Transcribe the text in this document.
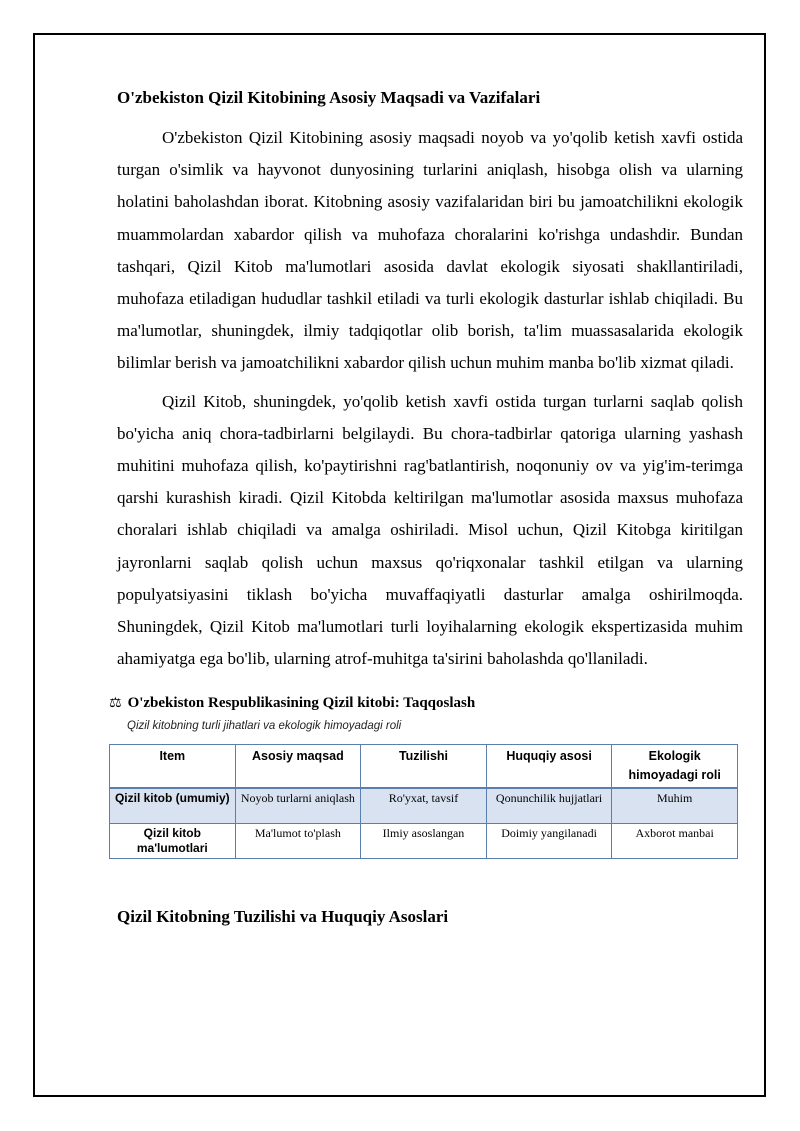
O'zbekiston Qizil Kitobining Asosiy Maqsadi va Vazifalari

O'zbekiston Qizil Kitobining asosiy maqsadi noyob va yo'qolib ketish xavfi ostida turgan o'simlik va hayvonot dunyosining turlarini aniqlash, hisobga olish va ularning holatini baholashdan iborat. Kitobning asosiy vazifalaridan biri bu jamoatchilikni ekologik muammolardan xabardor qilish va muhofaza choralarini ko'rishga undashdir. Bundan tashqari, Qizil Kitob ma'lumotlari asosida davlat ekologik siyosati shakllantiriladi, muhofaza etiladigan hududlar tashkil etiladi va turli ekologik dasturlar ishlab chiqiladi. Bu ma'lumotlar, shuningdek, ilmiy tadqiqotlar olib borish, ta'lim muassasalarida ekologik bilimlar berish va jamoatchilikni xabardor qilish uchun muhim manba bo'lib xizmat qiladi.

Qizil Kitob, shuningdek, yo'qolib ketish xavfi ostida turgan turlarni saqlab qolish bo'yicha aniq chora-tadbirlarni belgilaydi. Bu chora-tadbirlar qatoriga ularning yashash muhitini muhofaza qilish, ko'paytirishni rag'batlantirish, noqonuniy ov va yig'im-terimga qarshi kurashish kiradi. Qizil Kitobda keltirilgan ma'lumotlar asosida maxsus muhofaza choralari ishlab chiqiladi va amalga oshiriladi. Misol uchun, Qizil Kitobga kiritilgan jayronlarni saqlab qolish uchun maxsus qo'riqxonalar tashkil etilgan va ularning populyatsiyasini tiklash bo'yicha muvaffaqiyatli dasturlar amalga oshirilmoqda. Shuningdek, Qizil Kitob ma'lumotlari turli loyihalarning ekologik ekspertizasida muhim ahamiyatga ega bo'lib, ularning atrof-muhitga ta'sirini baholashda qo'llaniladi.

⚖ O'zbekiston Respublikasining Qizil kitobi: Taqqoslash
Qizil kitobning turli jihatlari va ekologik himoyadagi roli
Item	Asosiy maqsad	Tuzilishi	Huquqiy asosi	Ekologik himoyadagi roli
Qizil kitob (umumiy)	Noyob turlarni aniqlash	Ro'yxat, tavsif	Qonunchilik hujjatlari	Muhim
Qizil kitob ma'lumotlari	Ma'lumot to'plash	Ilmiy asoslangan	Doimiy yangilanadi	Axborot manbai
Qizil Kitobning Tuzilishi va Huquqiy Asoslari
